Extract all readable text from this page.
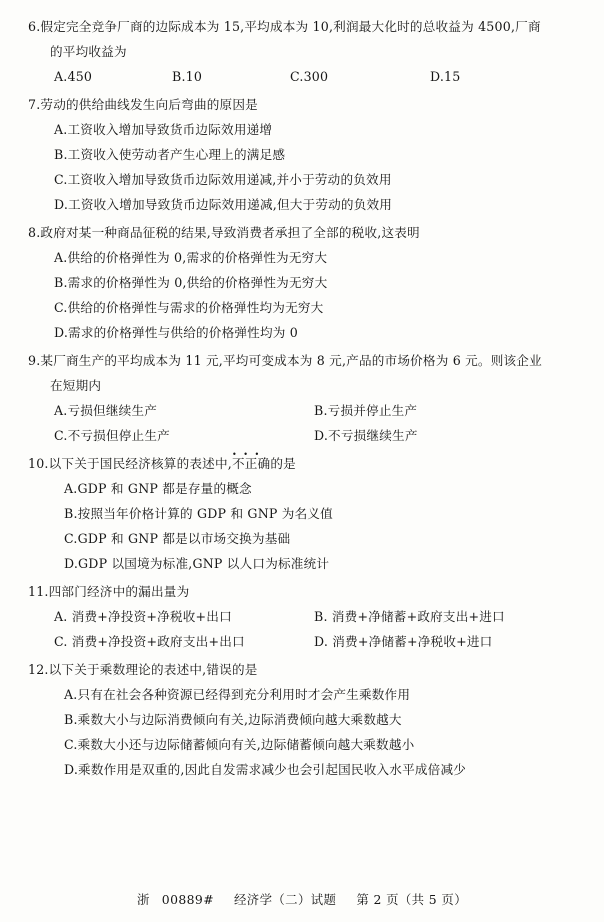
6.假定完全竞争厂商的边际成本为 15,平均成本为 10,利润最大化时的总收益为 4500,厂商
的平均收益为
A.450	B.10	C.300	D.15
7.劳动的供给曲线发生向后弯曲的原因是
A.工资收入增加导致货币边际效用递增
B.工资收入使劳动者产生心理上的满足感
C.工资收入增加导致货币边际效用递减,并小于劳动的负效用
D.工资收入增加导致货币边际效用递减,但大于劳动的负效用
8.政府对某一种商品征税的结果,导致消费者承担了全部的税收,这表明
A.供给的价格弹性为 0,需求的价格弹性为无穷大
B.需求的价格弹性为 0,供给的价格弹性为无穷大
C.供给的价格弹性与需求的价格弹性均为无穷大
D.需求的价格弹性与供给的价格弹性均为 0
9.某厂商生产的平均成本为 11 元,平均可变成本为 8 元,产品的市场价格为 6 元。则该企业
在短期内
A.亏损但继续生产	B.亏损并停止生产
C.不亏损但停止生产	D.不亏损继续生产
10.以下关于国民经济核算的表述中,不正确 • • •的是
A.GDP 和 GNP 都是存量的概念
B.按照当年价格计算的 GDP 和 GNP 为名义值
C.GDP 和 GNP 都是以市场交换为基础
D.GDP 以国境为标准,GNP 以人口为标准统计
11.四部门经济中的漏出量为
A. 消费+净投资+净税收+出口	B. 消费+净储蓄+政府支出+进口
C. 消费+净投资+政府支出+出口	D. 消费+净储蓄+净税收+进口
12.以下关于乘数理论的表述中,错误的是
A.只有在社会各种资源已经得到充分利用时才会产生乘数作用
B.乘数大小与边际消费倾向有关,边际消费倾向越大乘数越大
C.乘数大小还与边际储蓄倾向有关,边际储蓄倾向越大乘数越小
D.乘数作用是双重的,因此自发需求减少也会引起国民收入水平成倍减少
浙 00889# 经济学（二）试题 第 2 页（共 5 页）
